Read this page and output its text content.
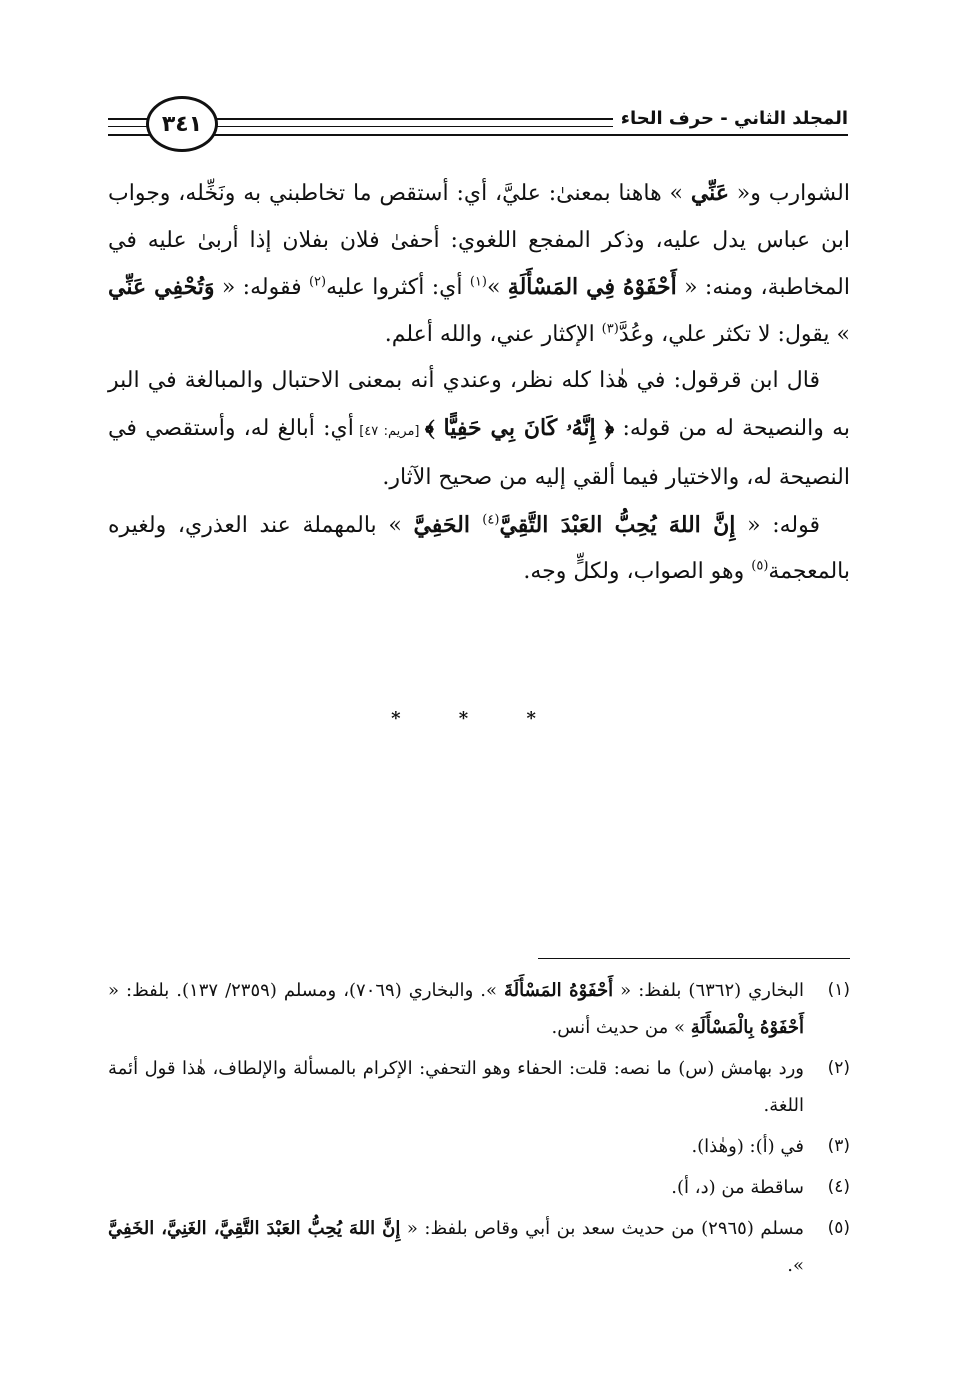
المجلد الثاني - حرف الحاء
٣٤١

الشوارب و« عَنِّي » هاهنا بمعنىٰ: عليَّ، أي: أستقص ما تخاطبني به ونَخِّله، وجواب ابن عباس يدل عليه، وذكر المفجع اللغوي: أحفىٰ فلان بفلان إذا أربىٰ عليه في المخاطبة، ومنه: « أَحْفَوْهُ فِي المَسْأَلَةِ »$^{(١)}$ أي: أكثروا عليه$^{(٢)}$ فقوله: « وَتُحْفِي عَنِّي » يقول: لا تكثر علي، وعُدَّ$^{(٣)}$ الإكثار عني، والله أعلم.

قال ابن قرقول: في هٰذا كله نظر، وعندي أنه بمعنى الاحتبال والمبالغة في البر به والنصيحة له من قوله: ﴿ إِنَّهُۥ كَانَ بِي حَفِيًّا ﴾ [مريم: ٤٧] أي: أبالغ له، وأستقصي في النصيحة له، والاختيار فيما ألقي إليه من صحيح الآثار.

قوله: « إِنَّ اللهَ يُحِبُّ العَبْدَ التَّقِيَّ$^{(٤)}$ الحَفِيَّ » بالمهملة عند العذري، ولغيره بالمعجمة$^{(٥)}$ وهو الصواب، ولكلٍّ وجه.

* * *
(١)
البخاري (٦٣٦٢) بلفظ: « أَحْفَوْهُ المَسْأَلَةَ ». والبخاري (٧٠٦٩)، ومسلم (٢٣٥٩/ ١٣٧). بلفظ: « أَحْفَوْهُ بِالْمَسْأَلَةِ » من حديث أنس.
(٢)
ورد بهامش (س) ما نصه: قلت: الحفاء وهو التحفي: الإكرام بالمسألة والإلطاف، هٰذا قول أئمة اللغة.
(٣)
في (أ): (وهٰذا).
(٤)
ساقطة من (د، أ).
(٥)
مسلم (٢٩٦٥) من حديث سعد بن أبي وقاص بلفظ: « إِنَّ اللهَ يُحِبُّ العَبْدَ التَّقِيَّ، الغَنِيَّ، الخَفِيَّ ».
